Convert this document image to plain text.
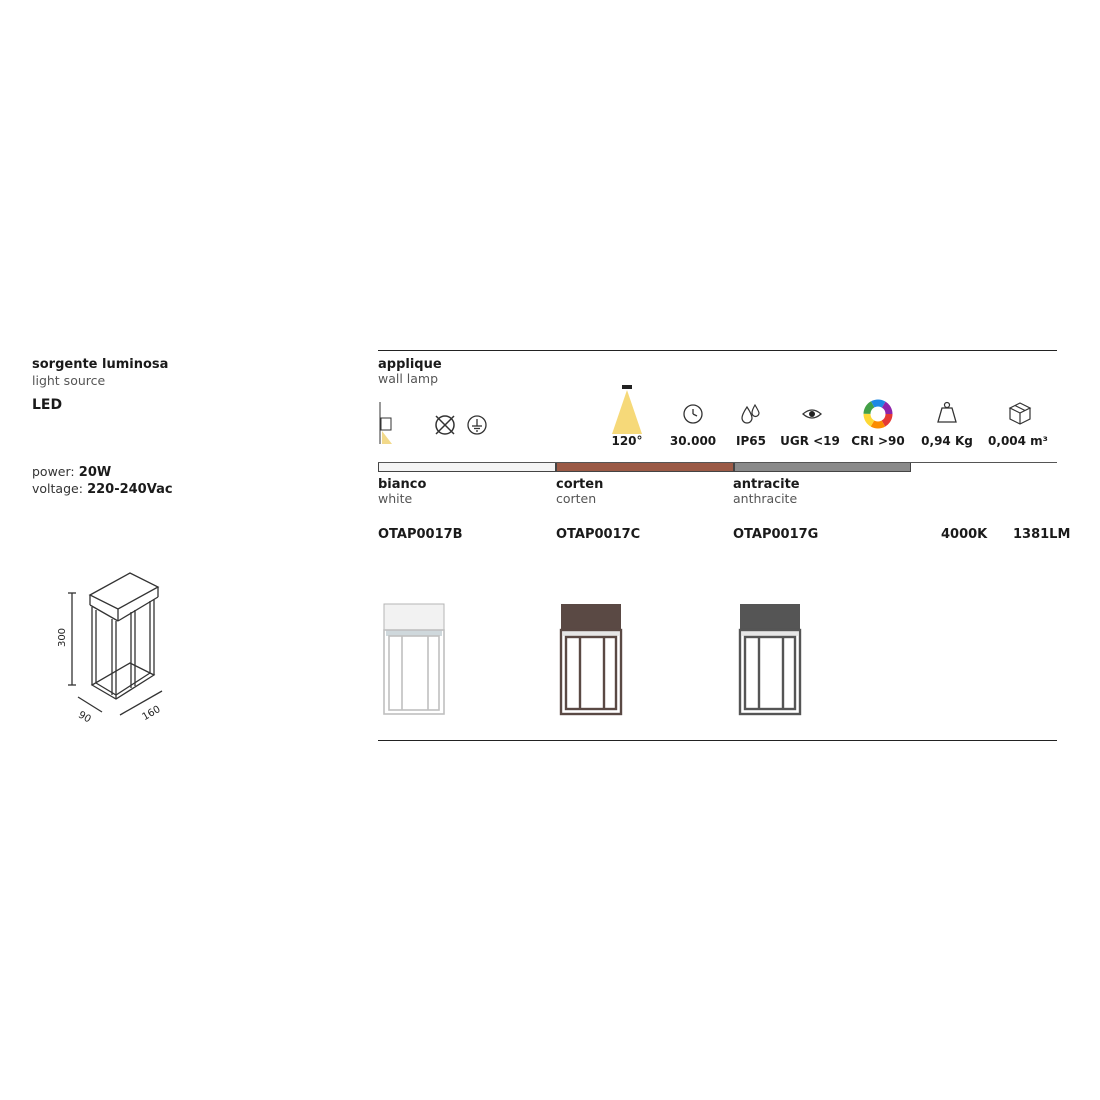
sorgente luminosa
light source
LED
power: 20W
voltage: 220-240Vac
300
90	160
applique
wall lamp
120°	30.000	IP65	UGR <19 CRI >90	0,94 Kg	0,004 m³
bianco
white
corten
corten
antracite
anthracite
OTAP0017B	OTAP0017C	OTAP0017G	4000K 1381LM
